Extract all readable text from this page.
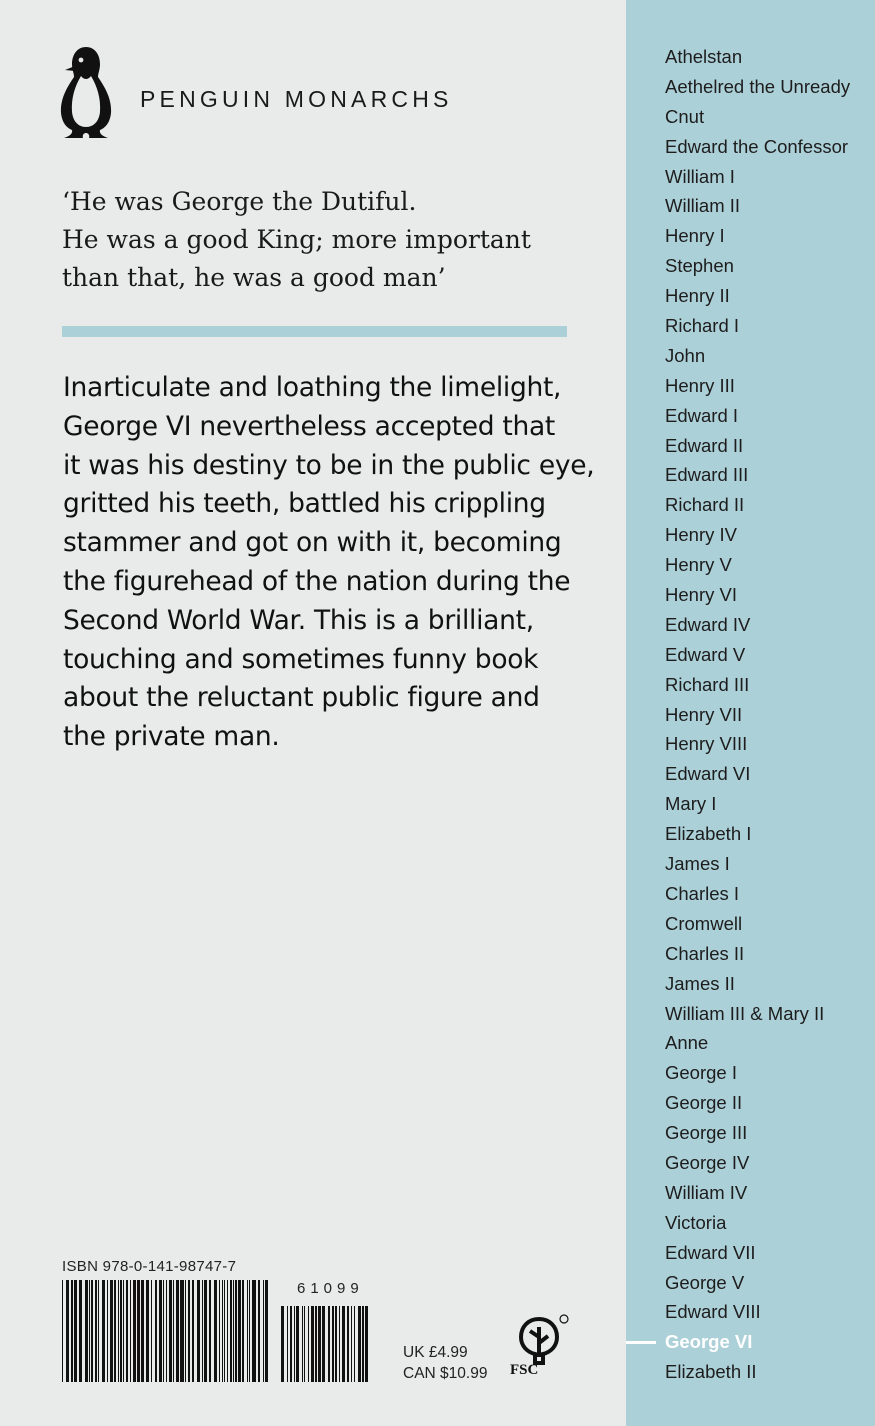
PENGUIN MONARCHS
‘He was George the Dutiful.
He was a good King; more important
than that, he was a good man’
Inarticulate and loathing the limelight,
George VI nevertheless accepted that
it was his destiny to be in the public eye,
gritted his teeth, battled his crippling
stammer and got on with it, becoming
the figurehead of the nation during the
Second World War. This is a brilliant,
touching and sometimes funny book
about the reluctant public figure and
the private man.
Athelstan
Aethelred the Unready
Cnut
Edward the Confessor
William I
William II
Henry I
Stephen
Henry II
Richard I
John
Henry III
Edward I
Edward II
Edward III
Richard II
Henry IV
Henry V
Henry VI
Edward IV
Edward V
Richard III
Henry VII
Henry VIII
Edward VI
Mary I
Elizabeth I
James I
Charles I
Cromwell
Charles II
James II
William III & Mary II
Anne
George I
George II
George III
George IV
William IV
Victoria
Edward VII
George V
Edward VIII
George VI
Elizabeth II
ISBN 978-0-141-98747-7
61099
UK £4.99
CAN $10.99 FSC
